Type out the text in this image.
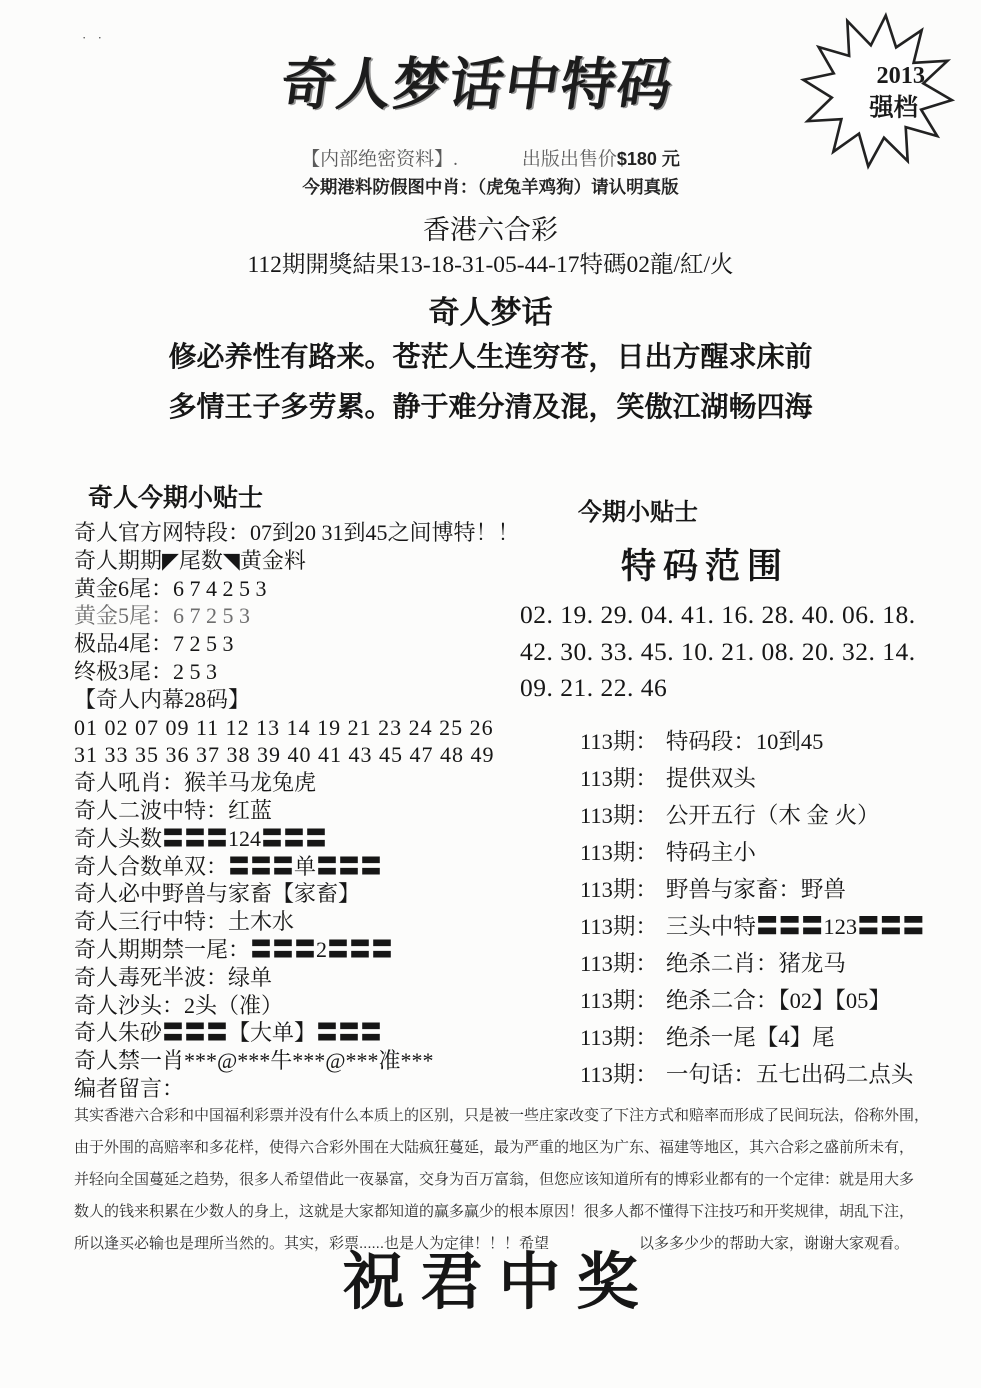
· ·
奇人梦话中特码	2013
强档
【内部绝密资料】.	出版出售价$180 元
今期港料防假图中肖：（虎兔羊鸡狗）请认明真版
香港六合彩
112期開獎結果13-18-31-05-44-17特碼02龍/紅/火
奇人梦话
修必养性有路来。苍茫人生连穷苍，日出方醒求床前
多情王子多劳累。静于难分清及混，笑傲江湖畅四海
奇人今期小贴士
奇人官方网特段：07到20 31到45之间博特！！
奇人期期◤尾数◥黄金料
黄金6尾：6 7 4 2 5 3
黄金5尾：6 7 2 5 3
极品4尾：7 2 5 3
终极3尾：2 5 3
【奇人内幕28码】
01 02 07 09 11 12 13 14 19 21 23 24 25 26
31 33 35 36 37 38 39 40 41 43 45 47 48 49
奇人吼肖：猴羊马龙兔虎
奇人二波中特：红蓝
奇人头数〓〓〓124〓〓〓
奇人合数单双：〓〓〓单〓〓〓
奇人必中野兽与家畜【家畜】
奇人三行中特：土木水
奇人期期禁一尾：〓〓〓2〓〓〓
奇人毒死半波：绿单
奇人沙头：2头（准）
奇人朱砂〓〓〓【大单】〓〓〓
奇人禁一肖***@***牛***@***准***
编者留言：
今期小贴士
特码范围
02. 19. 29. 04. 41. 16. 28. 40. 06. 18.
42. 30. 33. 45. 10. 21. 08. 20. 32. 14.
09. 21. 22. 46
113期： 特码段：10到45
113期： 提供双头
113期： 公开五行（木 金 火）
113期： 特码主小
113期： 野兽与家畜：野兽
113期： 三头中特〓〓〓123〓〓〓
113期： 绝杀二肖：猪龙马
113期： 绝杀二合：【02】【05】
113期： 绝杀一尾【4】尾
113期： 一句话：五七出码二点头
其实香港六合彩和中国福利彩票并没有什么本质上的区别，只是被一些庄家改变了下注方式和赔率而形成了民间玩法，俗称外围，
由于外围的高赔率和多花样，使得六合彩外围在大陆疯狂蔓延，最为严重的地区为广东、福建等地区，其六合彩之盛前所未有，
并轻向全国蔓延之趋势，很多人希望借此一夜暴富，交身为百万富翁，但您应该知道所有的博彩业都有的一个定律：就是用大多
数人的钱来积累在少数人的身上，这就是大家都知道的赢多赢少的根本原因！很多人都不懂得下注技巧和开奖规律，胡乱下注，
所以逢买必输也是理所当然的。其实，彩票......也是人为定律！！！希望　　　　　　以多多少少的帮助大家，谢谢大家观看。
祝君中奖
